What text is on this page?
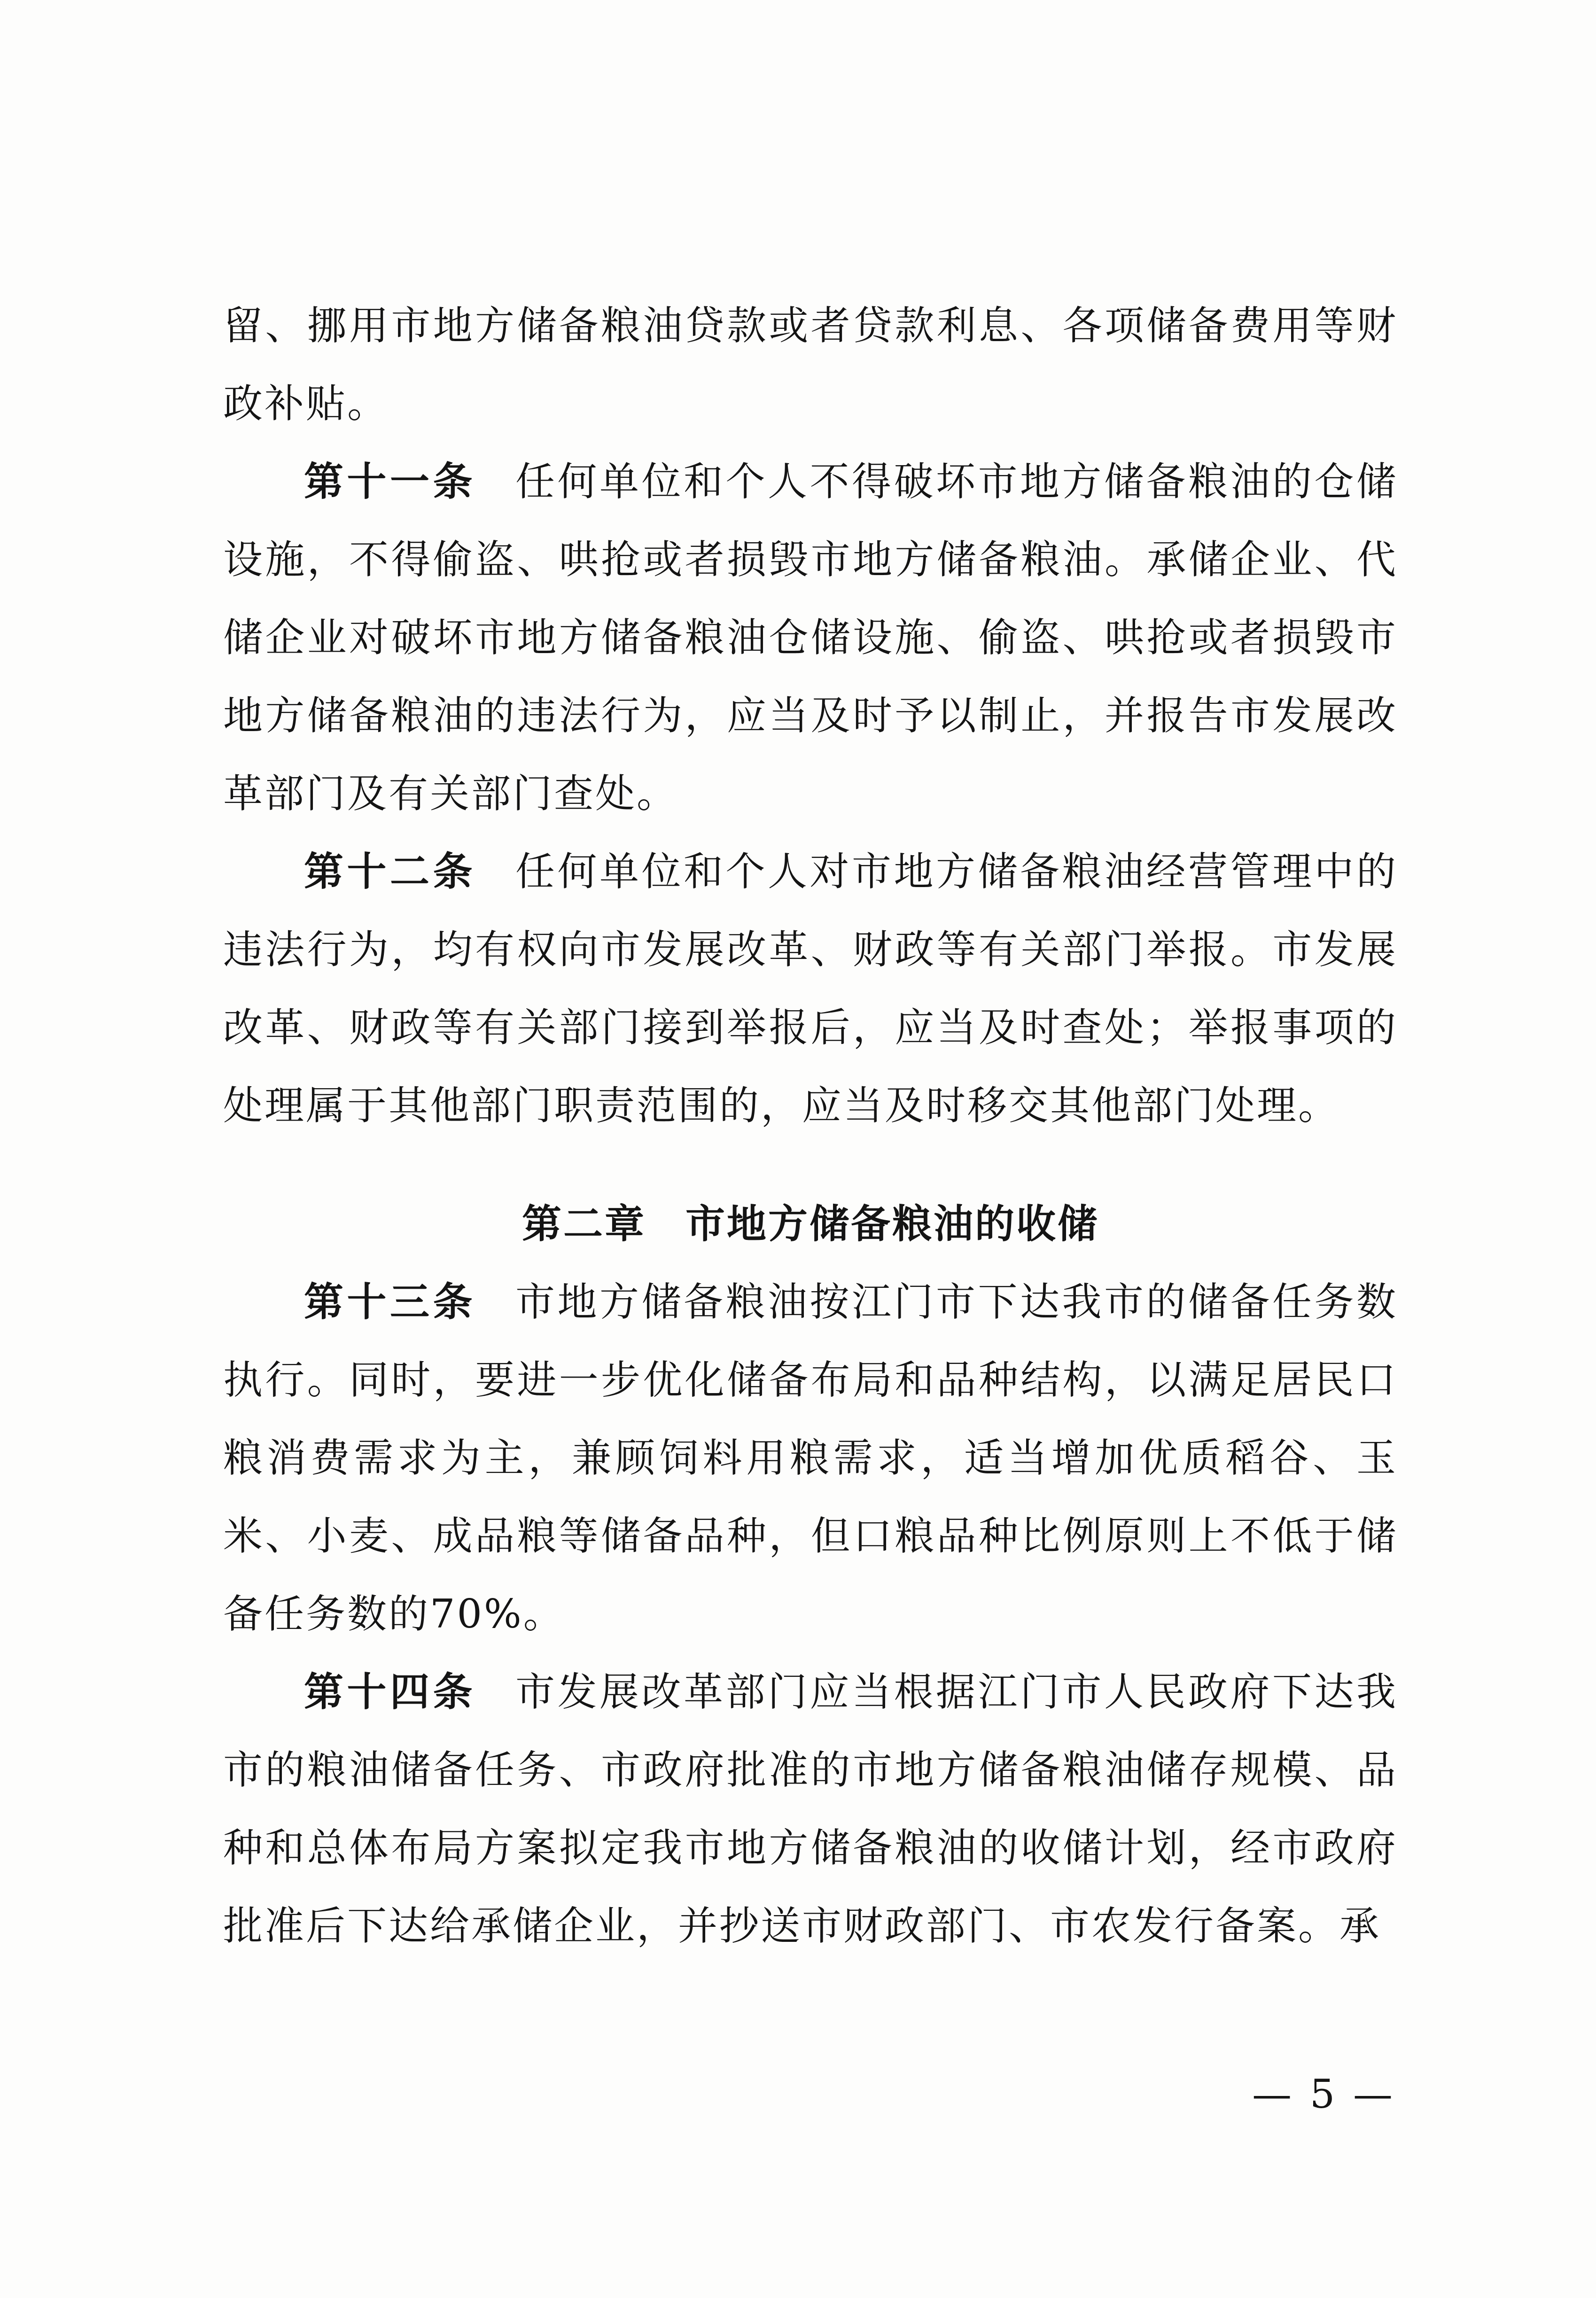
留、挪用市地方储备粮油贷款或者贷款利息、各项储备费用等财政补贴。

第十一条 任何单位和个人不得破坏市地方储备粮油的仓储设施，不得偷盗、哄抢或者损毁市地方储备粮油。承储企业、代储企业对破坏市地方储备粮油仓储设施、偷盗、哄抢或者损毁市地方储备粮油的违法行为，应当及时予以制止，并报告市发展改革部门及有关部门查处。

第十二条 任何单位和个人对市地方储备粮油经营管理中的违法行为，均有权向市发展改革、财政等有关部门举报。市发展改革、财政等有关部门接到举报后，应当及时查处；举报事项的处理属于其他部门职责范围的，应当及时移交其他部门处理。

第二章 市地方储备粮油的收储

第十三条 市地方储备粮油按江门市下达我市的储备任务数执行。同时，要进一步优化储备布局和品种结构，以满足居民口粮消费需求为主，兼顾饲料用粮需求，适当增加优质稻谷、玉米、小麦、成品粮等储备品种，但口粮品种比例原则上不低于储备任务数的70%。

第十四条 市发展改革部门应当根据江门市人民政府下达我市的粮油储备任务、市政府批准的市地方储备粮油储存规模、品种和总体布局方案拟定我市地方储备粮油的收储计划，经市政府批准后下达给承储企业，并抄送市财政部门、市农发行备案。承

— 5 —
